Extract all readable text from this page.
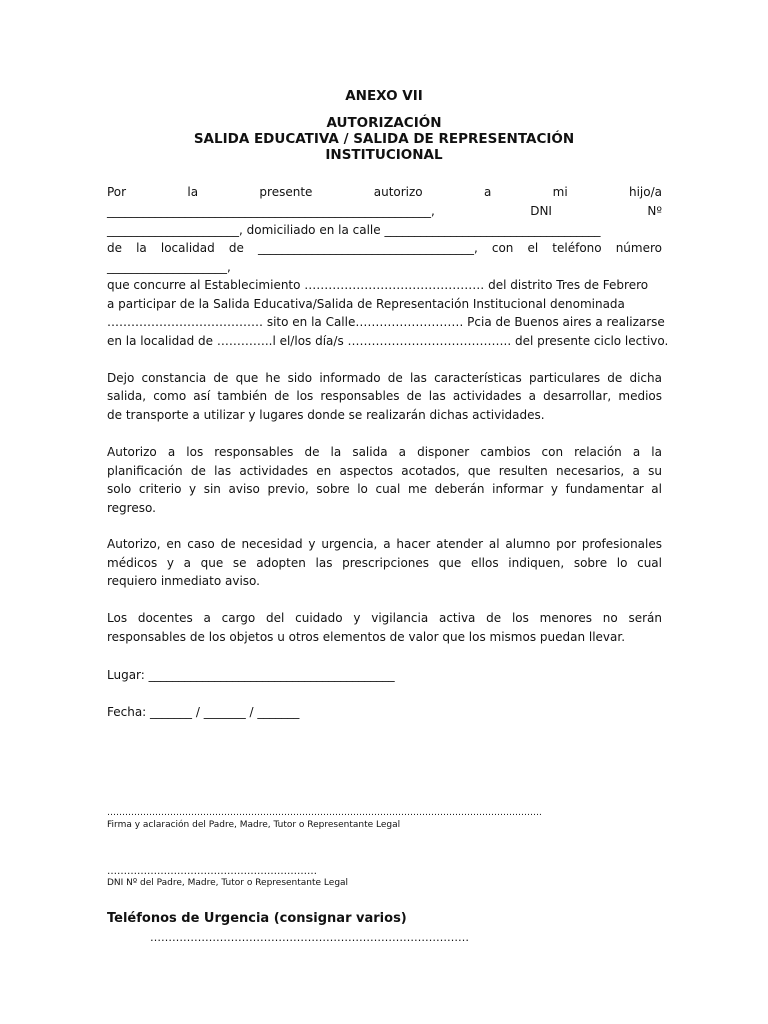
ANEXO VII

AUTORIZACIÓN

SALIDA EDUCATIVA / SALIDA DE REPRESENTACIÓN

INSTITUCIONAL

Por la presente autorizo a mi hijo/a

______________________________________________________, DNI Nº

______________________, domiciliado en la calle ____________________________________

de la localidad de ____________________________________, con el teléfono número

____________________,

que concurre al Establecimiento ……………………………………… del distrito Tres de Febrero

a participar de la Salida Educativa/Salida de Representación Institucional denominada

………………………………… sito en la Calle……………………… Pcia de Buenos aires a realizarse

en la localidad de …………..l el/los día/s ………………………………….. del presente ciclo lectivo.

Dejo constancia de que he sido informado de las características particulares de dicha

salida, como así también de los responsables de las actividades a desarrollar, medios

de transporte a utilizar y lugares donde se realizarán dichas actividades.

Autorizo a los responsables de la salida a disponer cambios con relación a la

planificación de las actividades en aspectos acotados, que resulten necesarios, a su

solo criterio y sin aviso previo, sobre lo cual me deberán informar y fundamentar al

regreso.

Autorizo, en caso de necesidad y urgencia, a hacer atender al alumno por profesionales

médicos y a que se adopten las prescripciones que ellos indiquen, sobre lo cual

requiero inmediato aviso.

Los docentes a cargo del cuidado y vigilancia activa de los menores no serán

responsables de los objetos u otros elementos de valor que los mismos puedan llevar.

Lugar: _________________________________________

Fecha: _______ / _______ / _______

……………………………………………………………………………………………………………………………….

Firma y aclaración del Padre, Madre, Tutor o Representante Legal

………………………………………………………

DNI Nº del Padre, Madre, Tutor o Representante Legal

Teléfonos de Urgencia (consignar varios)

……………………………………………………………………………
